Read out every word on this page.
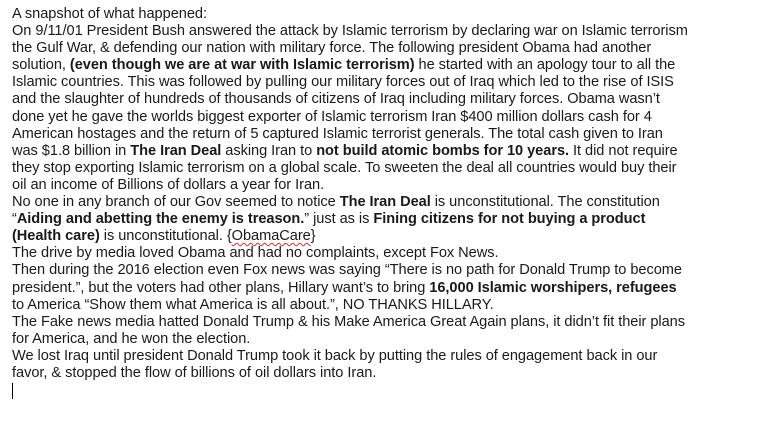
A snapshot of what happened:
On 9/11/01 President Bush answered the attack by Islamic terrorism by declaring war on Islamic terrorism
the Gulf War, & defending our nation with military force. The following president Obama had another
solution, (even though we are at war with Islamic terrorism) he started with an apology tour to all the
Islamic countries. This was followed by pulling our military forces out of Iraq which led to the rise of ISIS
and the slaughter of hundreds of thousands of citizens of Iraq including military forces. Obama wasn’t
done yet he gave the worlds biggest exporter of Islamic terrorism Iran $400 million dollars cash for 4
American hostages and the return of 5 captured Islamic terrorist generals. The total cash given to Iran
was $1.8 billion in The Iran Deal asking Iran to not build atomic bombs for 10 years. It did not require
they stop exporting Islamic terrorism on a global scale. To sweeten the deal all countries would buy their
oil an income of Billions of dollars a year for Iran.
No one in any branch of our Gov seemed to notice The Iran Deal is unconstitutional. The constitution
“Aiding and abetting the enemy is treason.” just as is Fining citizens for not buying a product
(Health care) is unconstitutional. {ObamaCare}
The drive by media loved Obama and had no complaints, except Fox News.
Then during the 2016 election even Fox news was saying “There is no path for Donald Trump to become
president.”, but the voters had other plans, Hillary want’s to bring 16,000 Islamic worshipers, refugees
to America “Show them what America is all about.”, NO THANKS HILLARY.
The Fake news media hatted Donald Trump & his Make America Great Again plans, it didn’t fit their plans
for America, and he won the election.
We lost Iraq until president Donald Trump took it back by putting the rules of engagement back in our
favor, & stopped the flow of billions of oil dollars into Iran.
